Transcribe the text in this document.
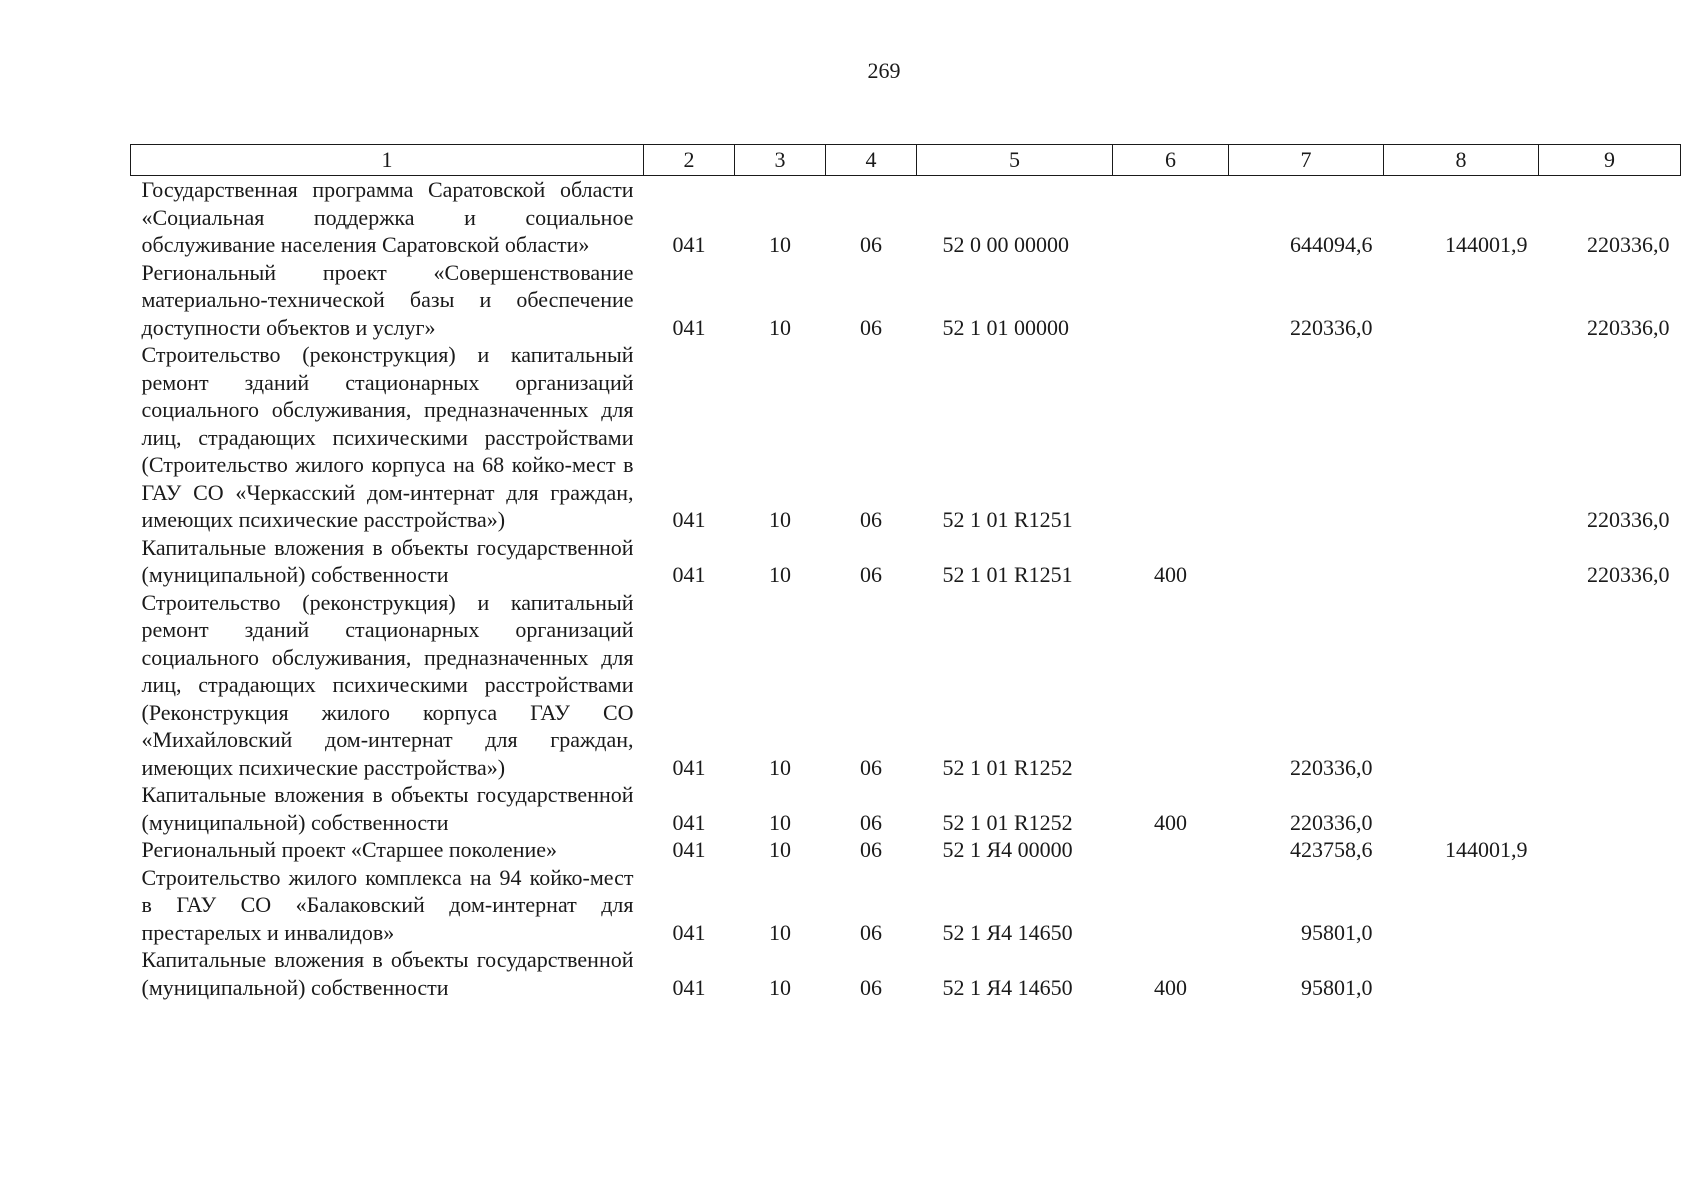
269
1	2	3	4	5	6	7	8	9
Государственная программа Саратовской области «Социальная поддержка и социальное обслуживание населения Саратовской области»	041	10	06	52 0 00 00000		644094,6	144001,9	220336,0
Региональный проект «Совершенствование материально-технической базы и обеспечение доступности объектов и услуг»	041	10	06	52 1 01 00000		220336,0		220336,0
Строительство (реконструкция) и капитальный ремонт зданий стационарных организаций социального обслуживания, предназначенных для лиц, страдающих психическими расстройствами (Строительство жилого корпуса на 68 койко-мест в ГАУ СО «Черкасский дом-интернат для граждан, имеющих психические расстройства»)	041	10	06	52 1 01 R1251				220336,0
Капитальные вложения в объекты государственной (муниципальной) собственности	041	10	06	52 1 01 R1251	400			220336,0
Строительство (реконструкция) и капитальный ремонт зданий стационарных организаций социального обслуживания, предназначенных для лиц, страдающих психическими расстройствами (Реконструкция жилого корпуса ГАУ СО «Михайловский дом-интернат для граждан, имеющих психические расстройства»)	041	10	06	52 1 01 R1252		220336,0		
Капитальные вложения в объекты государственной (муниципальной) собственности	041	10	06	52 1 01 R1252	400	220336,0		
Региональный проект «Старшее поколение»	041	10	06	52 1 Я4 00000		423758,6	144001,9	
Строительство жилого комплекса на 94 койко-мест в ГАУ СО «Балаковский дом-интернат для престарелых и инвалидов»	041	10	06	52 1 Я4 14650		95801,0		
Капитальные вложения в объекты государственной (муниципальной) собственности	041	10	06	52 1 Я4 14650	400	95801,0		
